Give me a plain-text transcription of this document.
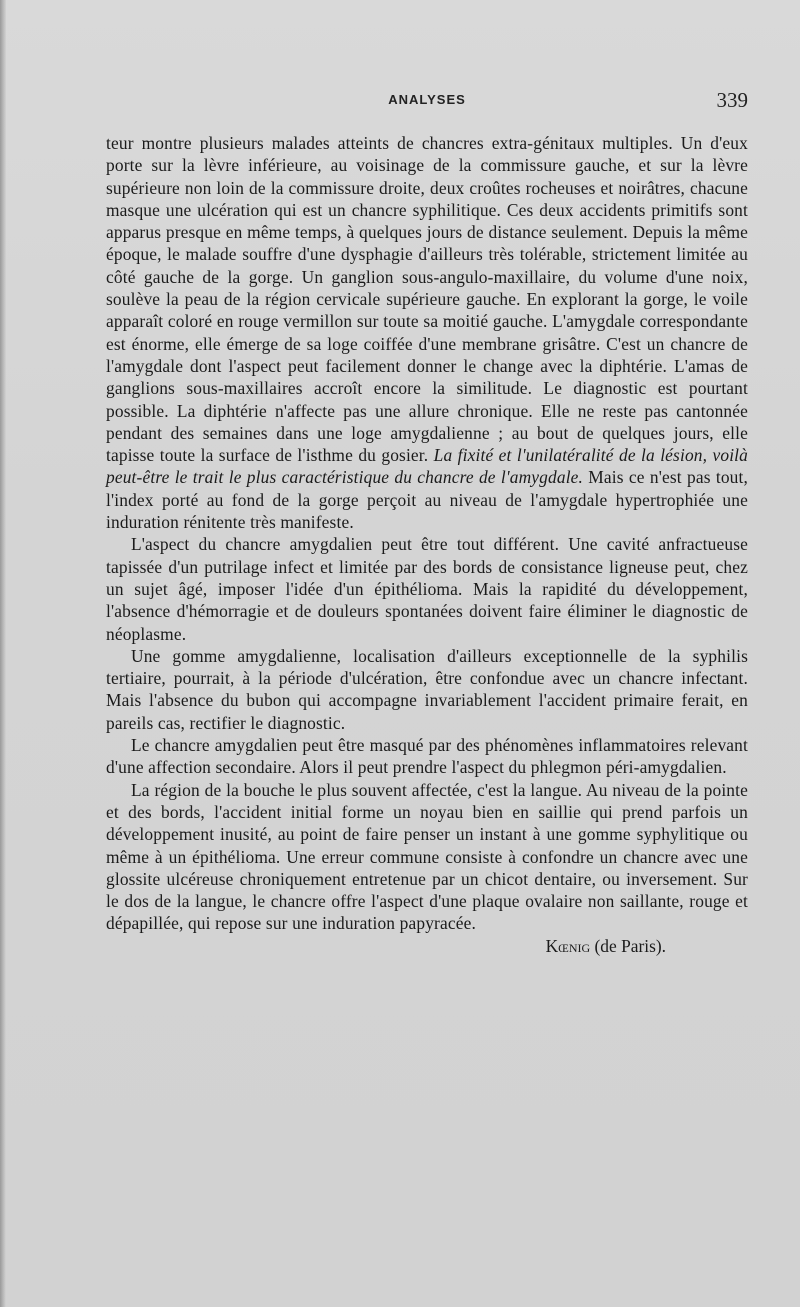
ANALYSES	339

teur montre plusieurs malades atteints de chancres extra-génitaux multiples. Un d'eux porte sur la lèvre inférieure, au voisinage de la commissure gauche, et sur la lèvre supérieure non loin de la commissure droite, deux croûtes rocheuses et noirâtres, chacune masque une ulcération qui est un chancre syphilitique. Ces deux accidents primitifs sont apparus presque en même temps, à quelques jours de distance seulement. Depuis la même époque, le malade souffre d'une dysphagie d'ailleurs très tolérable, strictement limitée au côté gauche de la gorge. Un ganglion sous-angulo-maxillaire, du volume d'une noix, soulève la peau de la région cervicale supérieure gauche. En explorant la gorge, le voile apparaît coloré en rouge vermillon sur toute sa moitié gauche. L'amygdale correspondante est énorme, elle émerge de sa loge coiffée d'une membrane grisâtre. C'est un chancre de l'amygdale dont l'aspect peut facilement donner le change avec la diphtérie. L'amas de ganglions sous-maxillaires accroît encore la similitude. Le diagnostic est pourtant possible. La diphtérie n'affecte pas une allure chronique. Elle ne reste pas cantonnée pendant des semaines dans une loge amygdalienne ; au bout de quelques jours, elle tapisse toute la surface de l'isthme du gosier. La fixité et l'unilatéralité de la lésion, voilà peut-être le trait le plus caractéristique du chancre de l'amygdale. Mais ce n'est pas tout, l'index porté au fond de la gorge perçoit au niveau de l'amygdale hypertrophiée une induration rénitente très manifeste.

L'aspect du chancre amygdalien peut être tout différent. Une cavité anfractueuse tapissée d'un putrilage infect et limitée par des bords de consistance ligneuse peut, chez un sujet âgé, imposer l'idée d'un épithélioma. Mais la rapidité du développement, l'absence d'hémorragie et de douleurs spontanées doivent faire éliminer le diagnostic de néoplasme.

Une gomme amygdalienne, localisation d'ailleurs exceptionnelle de la syphilis tertiaire, pourrait, à la période d'ulcération, être confondue avec un chancre infectant. Mais l'absence du bubon qui accompagne invariablement l'accident primaire ferait, en pareils cas, rectifier le diagnostic.

Le chancre amygdalien peut être masqué par des phénomènes inflammatoires relevant d'une affection secondaire. Alors il peut prendre l'aspect du phlegmon péri-amygdalien.

La région de la bouche le plus souvent affectée, c'est la langue. Au niveau de la pointe et des bords, l'accident initial forme un noyau bien en saillie qui prend parfois un développement inusité, au point de faire penser un instant à une gomme syphylitique ou même à un épithélioma. Une erreur commune consiste à confondre un chancre avec une glossite ulcéreuse chroniquement entretenue par un chicot dentaire, ou inversement. Sur le dos de la langue, le chancre offre l'aspect d'une plaque ovalaire non saillante, rouge et dépapillée, qui repose sur une induration papyracée.

Kœnig (de Paris).
